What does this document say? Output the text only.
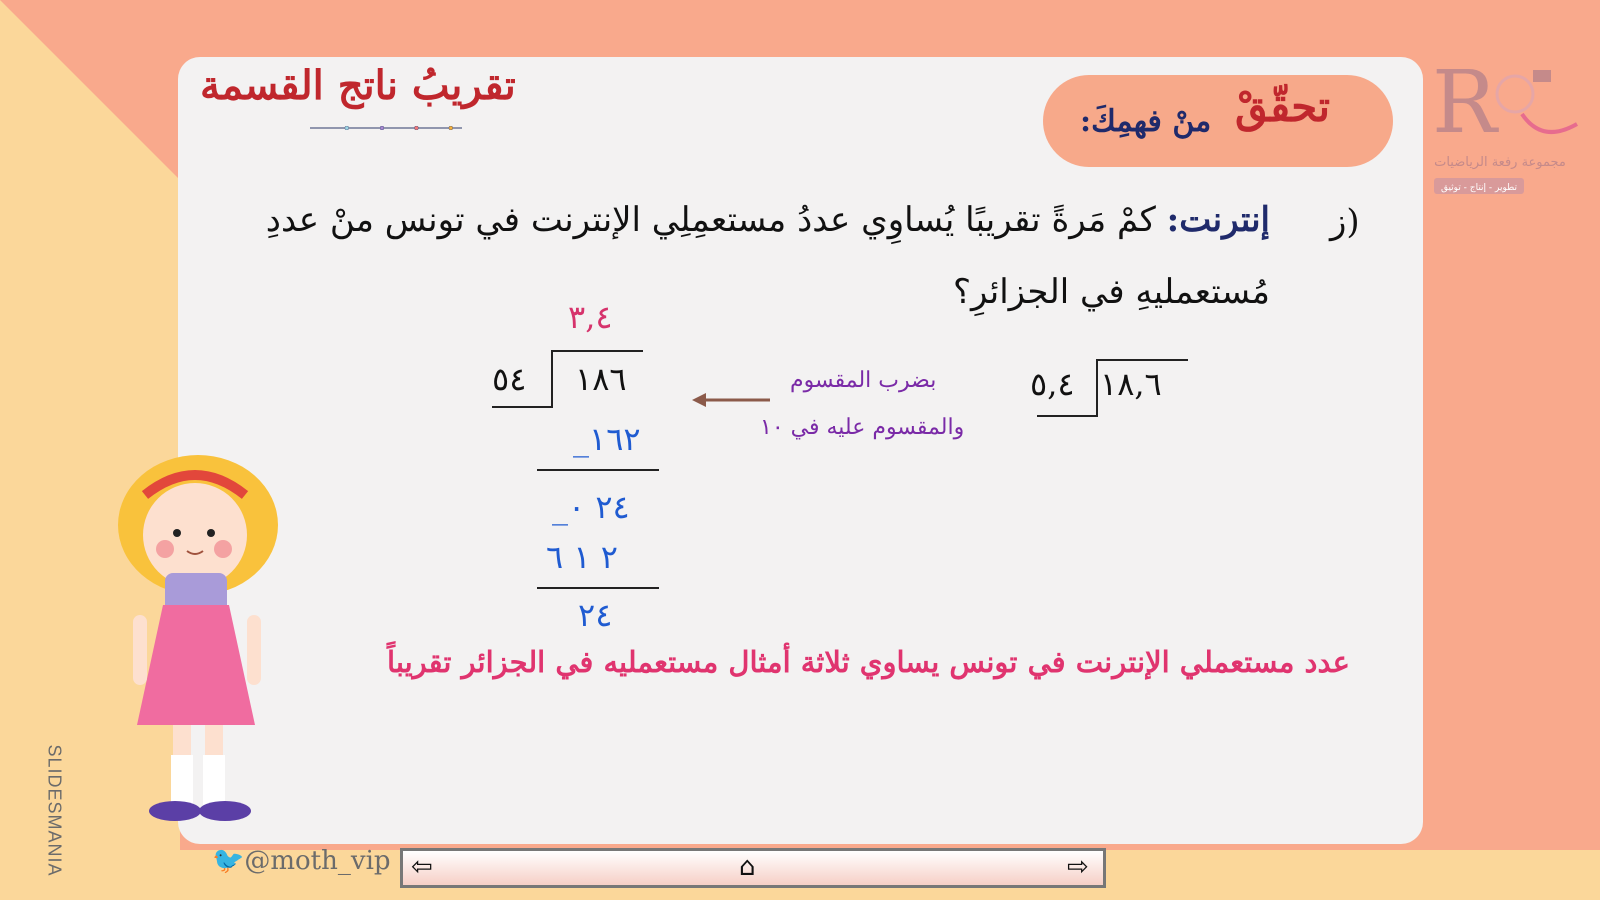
تقريبُ ناتج القسمة	تحقّقْ
منْ فهمِكَ:	R
مجموعة رفعة الرياضيات
تطوير - إنتاج - توثيق
ز)
إنترنت: كمْ مَرةً تقريبًا يُساوِي عددُ مستعمِلِي الإنترنت في تونس منْ عددِ
مُستعمليهِ في الجزائرِ؟
١٨,٦
٥,٤
بضرب المقسوم
والمقسوم عليه في ١٠
٣,٤
١٨٦
٥٤
١٦٢_
٢٤ ٠_
٢ ١ ٦
٢٤
عدد مستعملي الإنترنت في تونس يساوي ثلاثة أمثال مستعمليه في الجزائر تقريباً
SLIDESMANIA	🐦@moth_vip ⇦	⌂	⇨
